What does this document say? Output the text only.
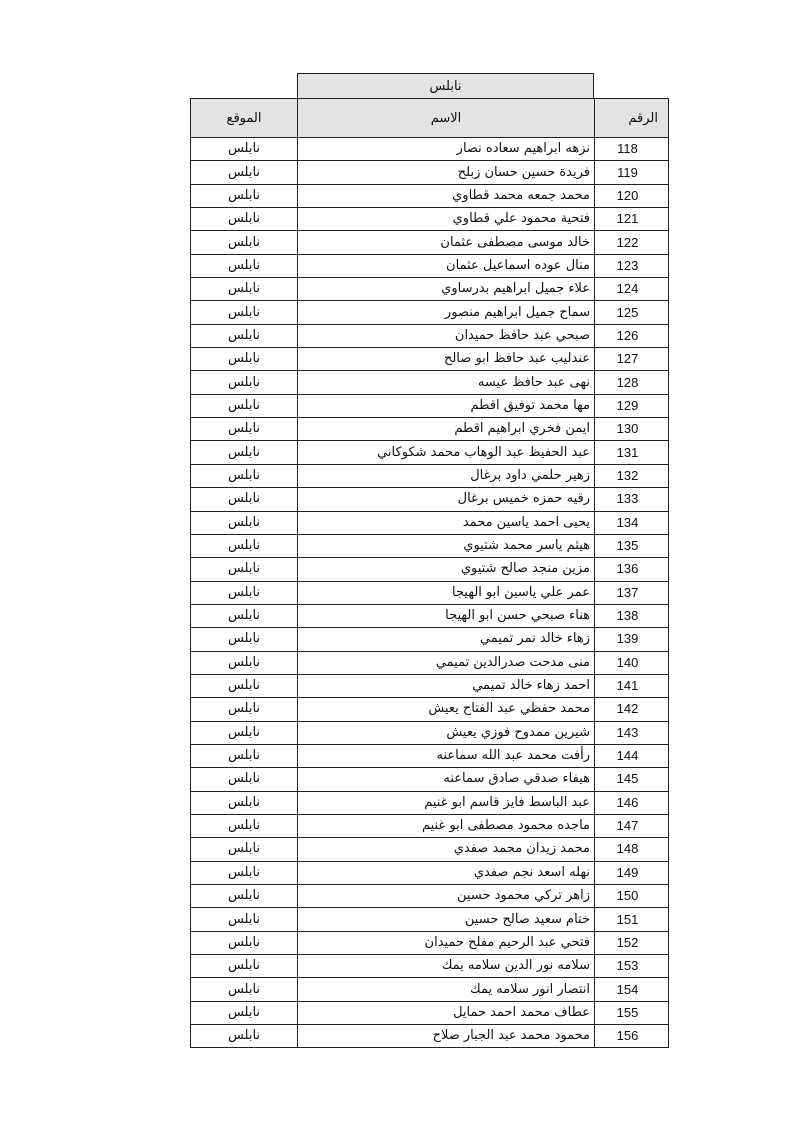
نابلس
الموقع	الاسم	الرقم
نابلس	نزهه ابراهيم سعاده نصار	118
نابلس	فريدة حسين حسان زبلح	119
نابلس	محمد جمعه محمد قطاوي	120
نابلس	فتحية محمود علي قطاوي	121
نابلس	خالد موسى مصطفى عثمان	122
نابلس	منال عوده اسماعيل عثمان	123
نابلس	علاء جميل ابراهيم بدرساوي	124
نابلس	سماح جميل ابراهيم منصور	125
نابلس	صبحي عبد حافظ حميدان	126
نابلس	عندليب عبد حافظ ابو صالح	127
نابلس	نهى عبد حافظ عيسه	128
نابلس	مها محمد توفيق اقطم	129
نابلس	ايمن فخري ابراهيم اقطم	130
نابلس	عبد الحفيظ عبد الوهاب محمد شكوكاني	131
نابلس	زهير حلمي داود برغال	132
نابلس	رقيه حمزه خميس برغال	133
نابلس	يحيى احمد ياسين محمد	134
نابلس	هيثم ياسر محمد شتيوي	135
نابلس	مزين منجد صالح شتيوي	136
نابلس	عمر علي ياسين ابو الهيجا	137
نابلس	هناء صبحي حسن ابو الهيجا	138
نابلس	زهاء خالد نمر تميمي	139
نابلس	منى مدحت صدرالدين تميمي	140
نابلس	احمد زهاء خالد تميمي	141
نابلس	محمد حفظي عبد الفتاح يعيش	142
نابلس	شيرين ممدوح فوزي يعيش	143
نابلس	رأفت محمد عبد الله سماعنه	144
نابلس	هيفاء صدقي صادق سماعنه	145
نابلس	عبد الباسط فايز قاسم ابو غنيم	146
نابلس	ماجده محمود مصطفى ابو غنيم	147
نابلس	محمد زيدان محمد صفدي	148
نابلس	نهله اسعد نجم صفدي	149
نابلس	زاهر تركي محمود حسين	150
نابلس	ختام سعيد صالح حسين	151
نابلس	فتحي عبد الرحيم مفلح حميدان	152
نابلس	سلامه نور الدين سلامه يمك	153
نابلس	انتصار انور سلامه يمك	154
نابلس	عطاف محمد احمد حمايل	155
نابلس	محمود محمد عبد الجبار صلاح	156
